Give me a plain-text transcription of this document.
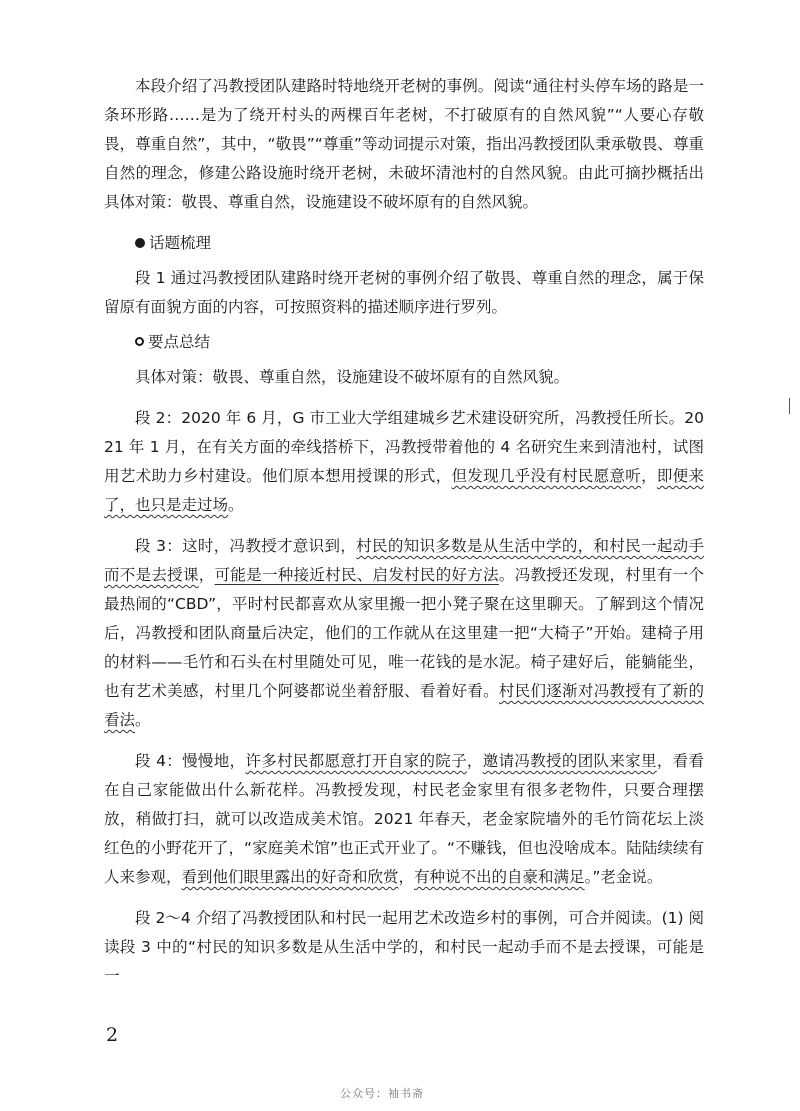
本段介绍了冯教授团队建路时特地绕开老树的事例。阅读“通往村头停车场的路是一条环形路……是为了绕开村头的两棵百年老树，不打破原有的自然风貌”“人要心存敬畏，尊重自然”，其中，“敬畏”“尊重”等动词提示对策，指出冯教授团队秉承敬畏、尊重自然的理念，修建公路设施时绕开老树，未破坏清池村的自然风貌。由此可摘抄概括出具体对策：敬畏、尊重自然，设施建设不破坏原有的自然风貌。

话题梳理

段 1 通过冯教授团队建路时绕开老树的事例介绍了敬畏、尊重自然的理念，属于保留原有面貌方面的内容，可按照资料的描述顺序进行罗列。

要点总结

具体对策：敬畏、尊重自然，设施建设不破坏原有的自然风貌。

段 2：2020 年 6 月，G 市工业大学组建城乡艺术建设研究所，冯教授任所长。2021 年 1 月，在有关方面的牵线搭桥下，冯教授带着他的 4 名研究生来到清池村，试图用艺术助力乡村建设。他们原本想用授课的形式，但发现几乎没有村民愿意听，即便来了，也只是走过场。

段 3：这时，冯教授才意识到，村民的知识多数是从生活中学的，和村民一起动手而不是去授课，可能是一种接近村民、启发村民的好方法。冯教授还发现，村里有一个最热闹的“CBD”，平时村民都喜欢从家里搬一把小凳子聚在这里聊天。了解到这个情况后，冯教授和团队商量后决定，他们的工作就从在这里建一把“大椅子”开始。建椅子用的材料——毛竹和石头在村里随处可见，唯一花钱的是水泥。椅子建好后，能躺能坐，也有艺术美感，村里几个阿婆都说坐着舒服、看着好看。村民们逐渐对冯教授有了新的看法。

段 4：慢慢地，许多村民都愿意打开自家的院子，邀请冯教授的团队来家里，看看在自己家能做出什么新花样。冯教授发现，村民老金家里有很多老物件，只要合理摆放，稍做打扫，就可以改造成美术馆。2021 年春天，老金家院墙外的毛竹筒花坛上淡红色的小野花开了，“家庭美术馆”也正式开业了。“不赚钱，但也没啥成本。陆陆续续有人来参观，看到他们眼里露出的好奇和欣赏，有种说不出的自豪和满足。”老金说。

段 2～4 介绍了冯教授团队和村民一起用艺术改造乡村的事例，可合并阅读。(1) 阅读段 3 中的“村民的知识多数是从生活中学的，和村民一起动手而不是去授课，可能是一

2
公众号：袖书斋
